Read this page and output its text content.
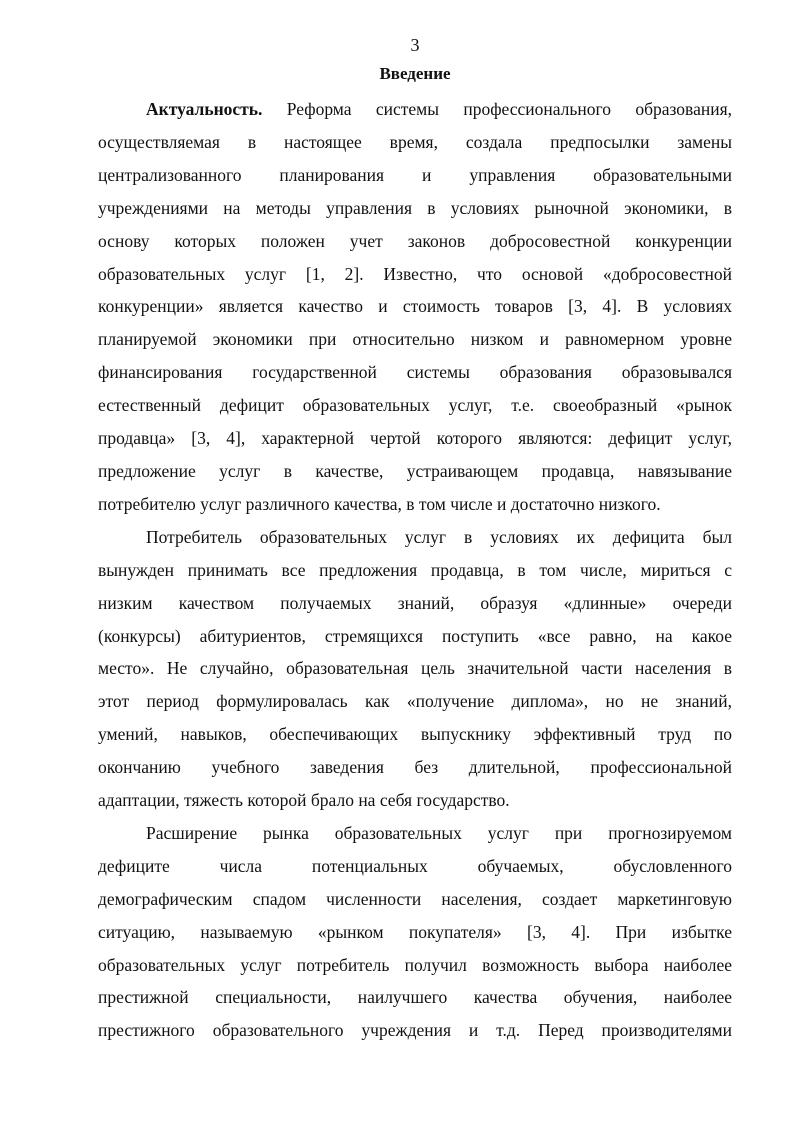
3
Введение
Актуальность. Реформа системы профессионального образования,
осуществляемая в настоящее время, создала предпосылки замены
централизованного планирования и управления образовательными
учреждениями на методы управления в условиях рыночной экономики, в
основу которых положен учет законов добросовестной конкуренции
образовательных услуг [1, 2]. Известно, что основой «добросовестной
конкуренции» является качество и стоимость товаров [3, 4]. В условиях
планируемой экономики при относительно низком и равномерном уровне
финансирования государственной системы образования образовывался
естественный дефицит образовательных услуг, т.е. своеобразный «рынок
продавца» [3, 4], характерной чертой которого являются: дефицит услуг,
предложение услуг в качестве, устраивающем продавца, навязывание
потребителю услуг различного качества, в том числе и достаточно низкого.
Потребитель образовательных услуг в условиях их дефицита был
вынужден принимать все предложения продавца, в том числе, мириться с
низким качеством получаемых знаний, образуя «длинные» очереди
(конкурсы) абитуриентов, стремящихся поступить «все равно, на какое
место». Не случайно, образовательная цель значительной части населения в
этот период формулировалась как «получение диплома», но не знаний,
умений, навыков, обеспечивающих выпускнику эффективный труд по
окончанию учебного заведения без длительной, профессиональной
адаптации, тяжесть которой брало на себя государство.
Расширение рынка образовательных услуг при прогнозируемом
дефиците числа потенциальных обучаемых, обусловленного
демографическим спадом численности населения, создает маркетинговую
ситуацию, называемую «рынком покупателя» [3, 4]. При избытке
образовательных услуг потребитель получил возможность выбора наиболее
престижной специальности, наилучшего качества обучения, наиболее
престижного образовательного учреждения и т.д. Перед производителями
